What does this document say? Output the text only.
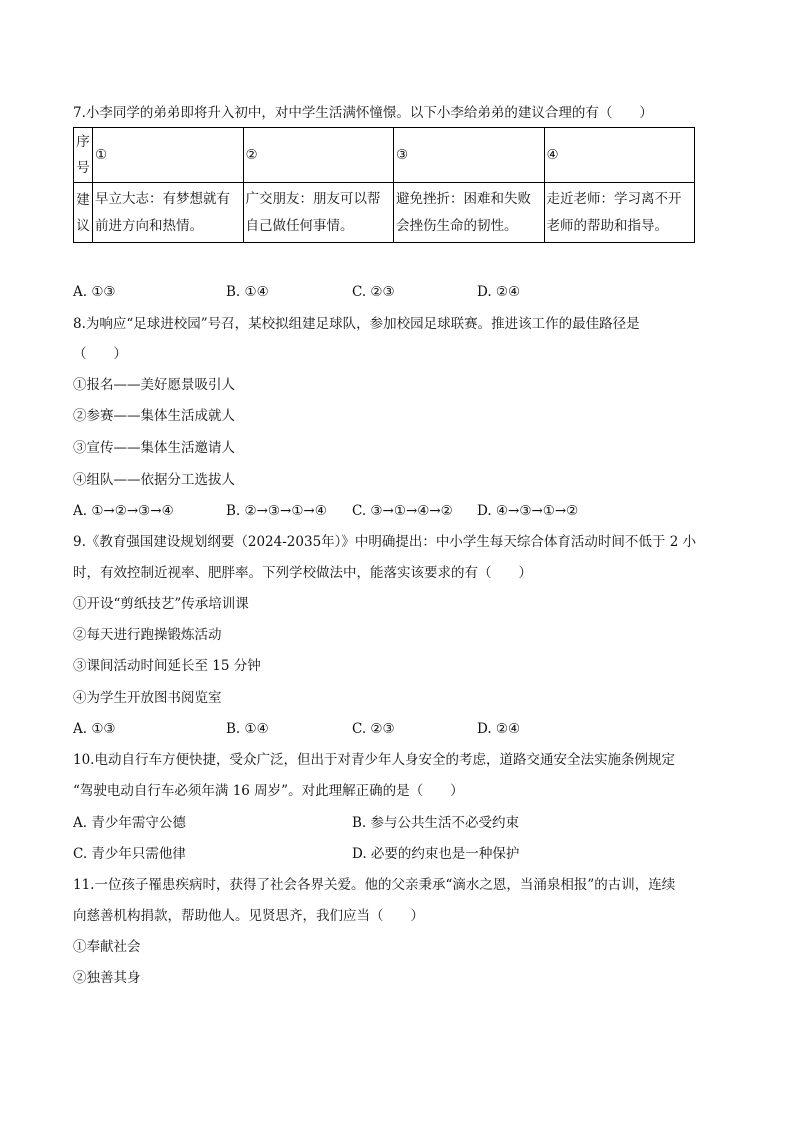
7.小李同学的弟弟即将升入初中，对中学生活满怀憧憬。以下小李给弟弟的建议合理的有（　　）
序号	①	②	③	④
建议	早立大志：有梦想就有前进方向和热情。	广交朋友：朋友可以帮自己做任何事情。	避免挫折：困难和失败会挫伤生命的韧性。	走近老师：学习离不开老师的帮助和指导。
A. ①③	B. ①④	C. ②③	D. ②④
8.为响应“足球进校园”号召，某校拟组建足球队，参加校园足球联赛。推进该工作的最佳路径是
（　　）
①报名——美好愿景吸引人
②参赛——集体生活成就人
③宣传——集体生活邀请人
④组队——依据分工选拔人
A. ①→②→③→④	B. ②→③→①→④ C. ③→①→④→② D. ④→③→①→②
9.《教育强国建设规划纲要（2024-2035年）》中明确提出：中小学生每天综合体育活动时间不低于 2 小
时，有效控制近视率、肥胖率。下列学校做法中，能落实该要求的有（　　）
①开设“剪纸技艺”传承培训课
②每天进行跑操锻炼活动
③课间活动时间延长至 15 分钟
④为学生开放图书阅览室
A. ①③	B. ①④	C. ②③	D. ②④
10.电动自行车方便快捷，受众广泛，但出于对青少年人身安全的考虑，道路交通安全法实施条例规定
“驾驶电动自行车必须年满 16 周岁”。对此理解正确的是（　　）
A. 青少年需守公德	B. 参与公共生活不必受约束
C. 青少年只需他律	D. 必要的约束也是一种保护
11.一位孩子罹患疾病时，获得了社会各界关爱。他的父亲秉承“滴水之恩，当涌泉相报”的古训，连续
向慈善机构捐款，帮助他人。见贤思齐，我们应当（　　）
①奉献社会
②独善其身
